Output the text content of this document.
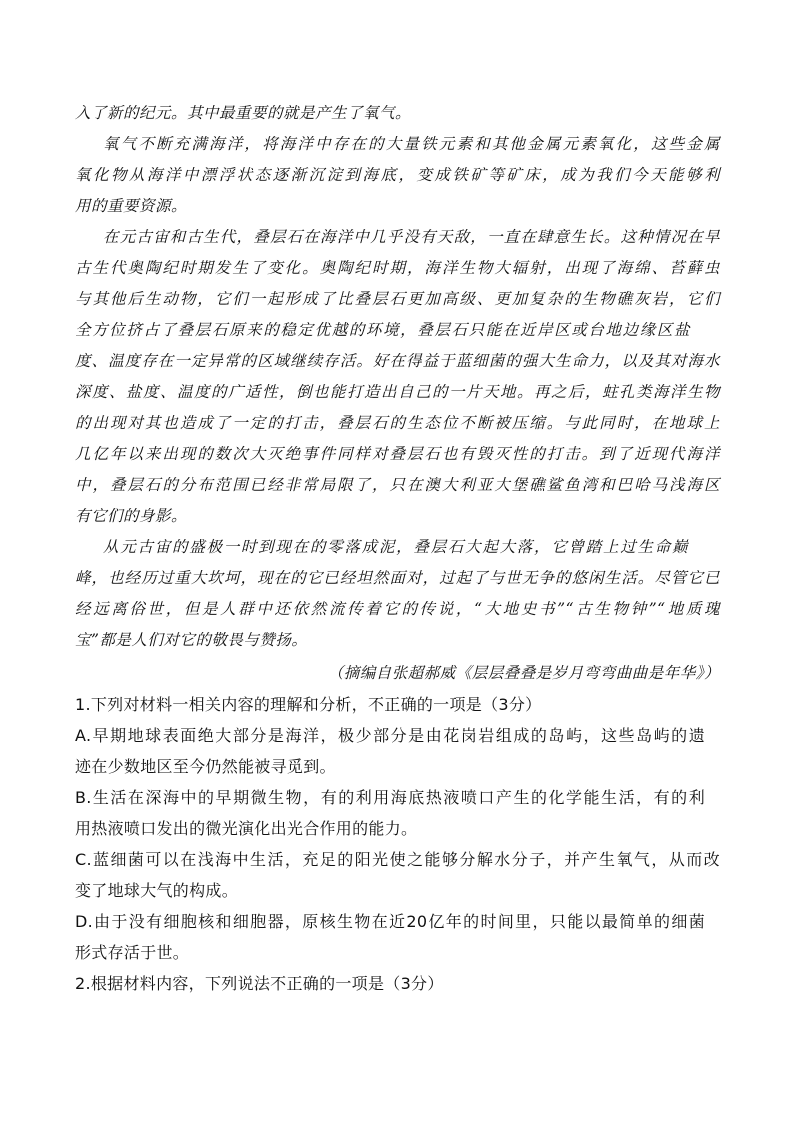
入了新的纪元。其中最重要的就是产生了氧气。
氧气不断充满海洋，将海洋中存在的大量铁元素和其他金属元素氧化，这些金属
氧化物从海洋中漂浮状态逐渐沉淀到海底，变成铁矿等矿床，成为我们今天能够利
用的重要资源。
在元古宙和古生代，叠层石在海洋中几乎没有天敌，一直在肆意生长。这种情况在早
古生代奥陶纪时期发生了变化。奥陶纪时期，海洋生物大辐射，出现了海绵、苔藓虫
与其他后生动物，它们一起形成了比叠层石更加高级、更加复杂的生物礁灰岩，它们
全方位挤占了叠层石原来的稳定优越的环境，叠层石只能在近岸区或台地边缘区盐
度、温度存在一定异常的区域继续存活。好在得益于蓝细菌的强大生命力，以及其对海水
深度、盐度、温度的广适性，倒也能打造出自己的一片天地。再之后，蛀孔类海洋生物
的出现对其也造成了一定的打击，叠层石的生态位不断被压缩。与此同时，在地球上
几亿年以来出现的数次大灭绝事件同样对叠层石也有毁灭性的打击。到了近现代海洋
中，叠层石的分布范围已经非常局限了，只在澳大利亚大堡礁鲨鱼湾和巴哈马浅海区
有它们的身影。
从元古宙的盛极一时到现在的零落成泥，叠层石大起大落，它曾踏上过生命巅
峰，也经历过重大坎坷，现在的它已经坦然面对，过起了与世无争的悠闲生活。尽管它已
经远离俗世，但是人群中还依然流传着它的传说，“大地史书”“古生物钟”“地质瑰
宝”都是人们对它的敬畏与赞扬。
（摘编自张超郝威《层层叠叠是岁月弯弯曲曲是年华》）
1.下列对材料一相关内容的理解和分析，不正确的一项是（3分）
A.早期地球表面绝大部分是海洋，极少部分是由花岗岩组成的岛屿，这些岛屿的遗
迹在少数地区至今仍然能被寻觅到。
B.生活在深海中的早期微生物，有的利用海底热液喷口产生的化学能生活，有的利
用热液喷口发出的微光演化出光合作用的能力。
C.蓝细菌可以在浅海中生活，充足的阳光使之能够分解水分子，并产生氧气，从而改
变了地球大气的构成。
D.由于没有细胞核和细胞器，原核生物在近20亿年的时间里，只能以最简单的细菌
形式存活于世。
2.根据材料内容，下列说法不正确的一项是（3分）
